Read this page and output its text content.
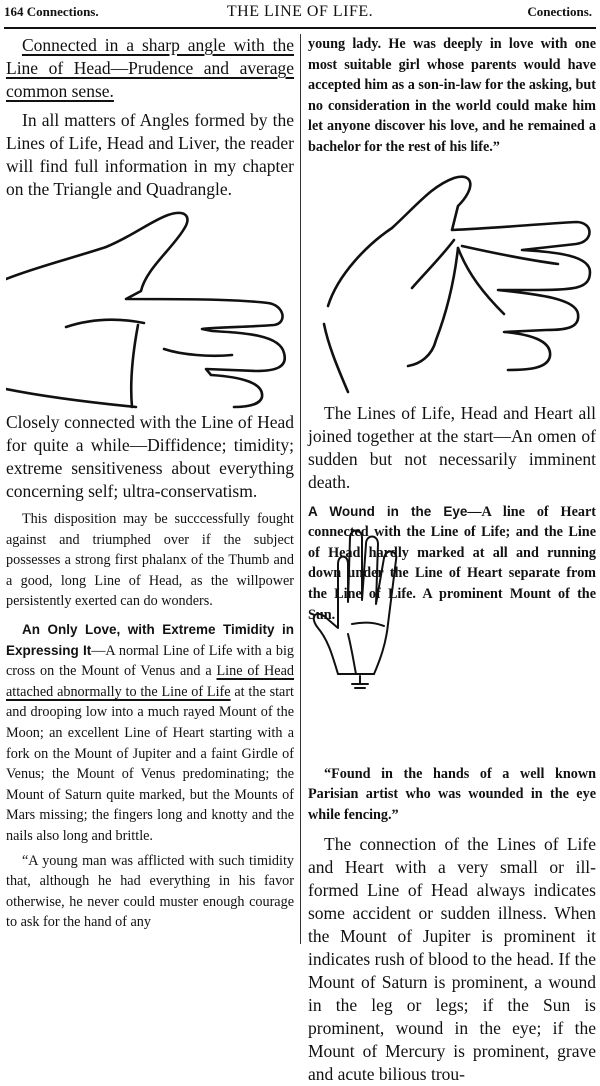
164 Connections.	THE LINE OF LIFE.	Conections.

Connected in a sharp angle with the Line of Head—Prudence and average common sense.

In all matters of Angles formed by the Lines of Life, Head and Liver, the reader will find full information in my chapter on the Triangle and Quadrangle.

Closely connected with the Line of Head for quite a while—Diffidence; timidity; extreme sensitiveness about everything concerning self; ultra-conservatism.

This disposition may be succcessfully fought against and triumphed over if the subject possesses a strong first phalanx of the Thumb and a good, long Line of Head, as the willpower persistently exerted can do wonders.

An Only Love, with Extreme Timidity in Expressing It—A normal Line of Life with a big cross on the Mount of Venus and a Line of Head attached abnormally to the Line of Life at the start and drooping low into a much rayed Mount of the Moon; an excellent Line of Heart starting with a fork on the Mount of Jupiter and a faint Girdle of Venus; the Mount of Venus predominating; the Mount of Saturn quite marked, but the Mounts of Mars missing; the fingers long and knotty and the nails also long and brittle.

“A young man was afflicted with such timidity that, although he had everything in his favor otherwise, he never could muster enough courage to ask for the hand of any

young lady. He was deeply in love with one most suitable girl whose parents would have accepted him as a son-in-law for the asking, but no consideration in the world could make him let anyone discover his love, and he remained a bachelor for the rest of his life.”

The Lines of Life, Head and Heart all joined together at the start—An omen of sudden but not necessarily imminent death.

A Wound in the Eye—A line of Heart connected with the Line of Life; and the Line of Head hardly marked at all and running down under the Line of Heart separate from the Line of Life. A prominent Mount of the Sun.

“Found in the hands of a well known Parisian artist who was wounded in the eye while fencing.”

The connection of the Lines of Life and Heart with a very small or ill-formed Line of Head always indicates some accident or sudden illness. When the Mount of Jupiter is prominent it indicates rush of blood to the head. If the Mount of Saturn is prominent, a wound in the leg or legs; if the Sun is prominent, wound in the eye; if the Mount of Mercury is prominent, grave and acute bilious trou-
